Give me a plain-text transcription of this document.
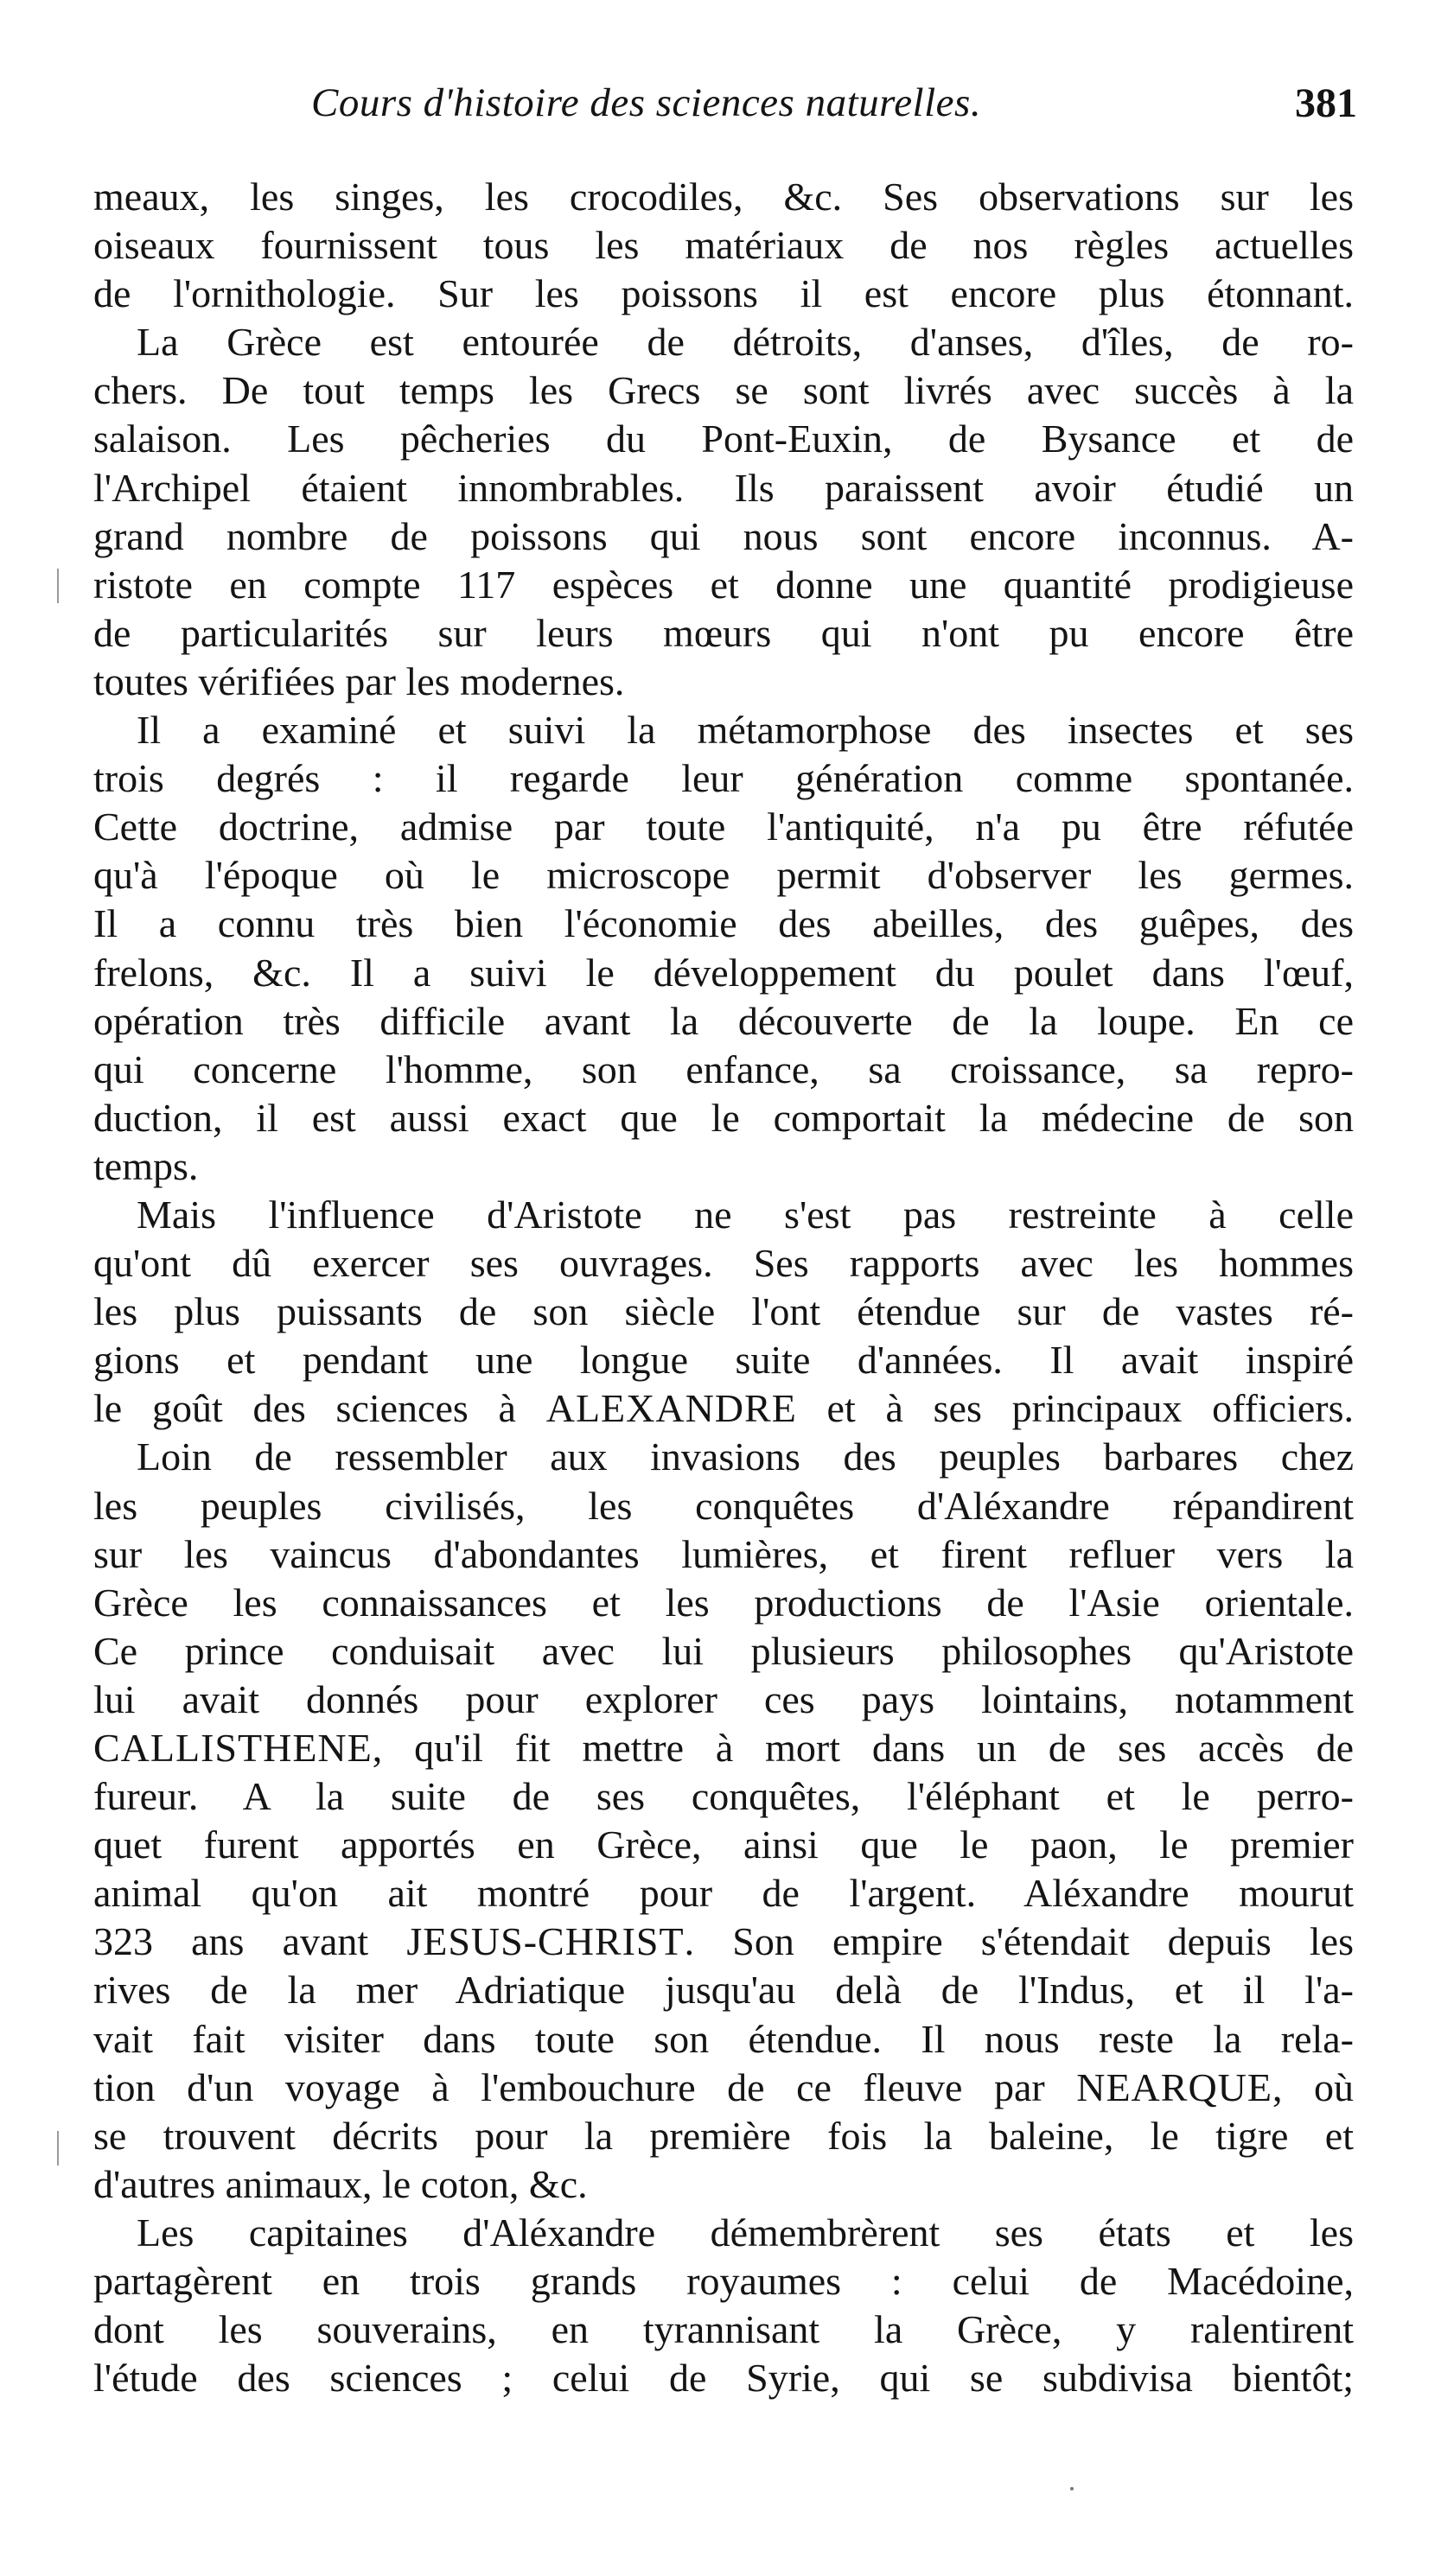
Cours d'histoire des sciences naturelles.	381
meaux, les singes, les crocodiles, &c. Ses observations sur les
oiseaux fournissent tous les matériaux de nos règles actuelles
de l'ornithologie. Sur les poissons il est encore plus étonnant.
La Grèce est entourée de détroits, d'anses, d'îles, de ro-
chers. De tout temps les Grecs se sont livrés avec succès à la
salaison. Les pêcheries du Pont-Euxin, de Bysance et de
l'Archipel étaient innombrables. Ils paraissent avoir étudié un
grand nombre de poissons qui nous sont encore inconnus. A-
ristote en compte 117 espèces et donne une quantité prodigieuse
de particularités sur leurs mœurs qui n'ont pu encore être
toutes vérifiées par les modernes.
Il a examiné et suivi la métamorphose des insectes et ses
trois degrés : il regarde leur génération comme spontanée.
Cette doctrine, admise par toute l'antiquité, n'a pu être réfutée
qu'à l'époque où le microscope permit d'observer les germes.
Il a connu très bien l'économie des abeilles, des guêpes, des
frelons, &c. Il a suivi le développement du poulet dans l'œuf,
opération très difficile avant la découverte de la loupe. En ce
qui concerne l'homme, son enfance, sa croissance, sa repro-
duction, il est aussi exact que le comportait la médecine de son
temps.
Mais l'influence d'Aristote ne s'est pas restreinte à celle
qu'ont dû exercer ses ouvrages. Ses rapports avec les hommes
les plus puissants de son siècle l'ont étendue sur de vastes ré-
gions et pendant une longue suite d'années. Il avait inspiré
le goût des sciences à ALEXANDRE et à ses principaux officiers.
Loin de ressembler aux invasions des peuples barbares chez
les peuples civilisés, les conquêtes d'Aléxandre répandirent
sur les vaincus d'abondantes lumières, et firent refluer vers la
Grèce les connaissances et les productions de l'Asie orientale.
Ce prince conduisait avec lui plusieurs philosophes qu'Aristote
lui avait donnés pour explorer ces pays lointains, notamment
CALLISTHENE, qu'il fit mettre à mort dans un de ses accès de
fureur. A la suite de ses conquêtes, l'éléphant et le perro-
quet furent apportés en Grèce, ainsi que le paon, le premier
animal qu'on ait montré pour de l'argent. Aléxandre mourut
323 ans avant JESUS-CHRIST. Son empire s'étendait depuis les
rives de la mer Adriatique jusqu'au delà de l'Indus, et il l'a-
vait fait visiter dans toute son étendue. Il nous reste la rela-
tion d'un voyage à l'embouchure de ce fleuve par NEARQUE, où
se trouvent décrits pour la première fois la baleine, le tigre et
d'autres animaux, le coton, &c.
Les capitaines d'Aléxandre démembrèrent ses états et les
partagèrent en trois grands royaumes : celui de Macédoine,
dont les souverains, en tyrannisant la Grèce, y ralentirent
l'étude des sciences ; celui de Syrie, qui se subdivisa bientôt;
